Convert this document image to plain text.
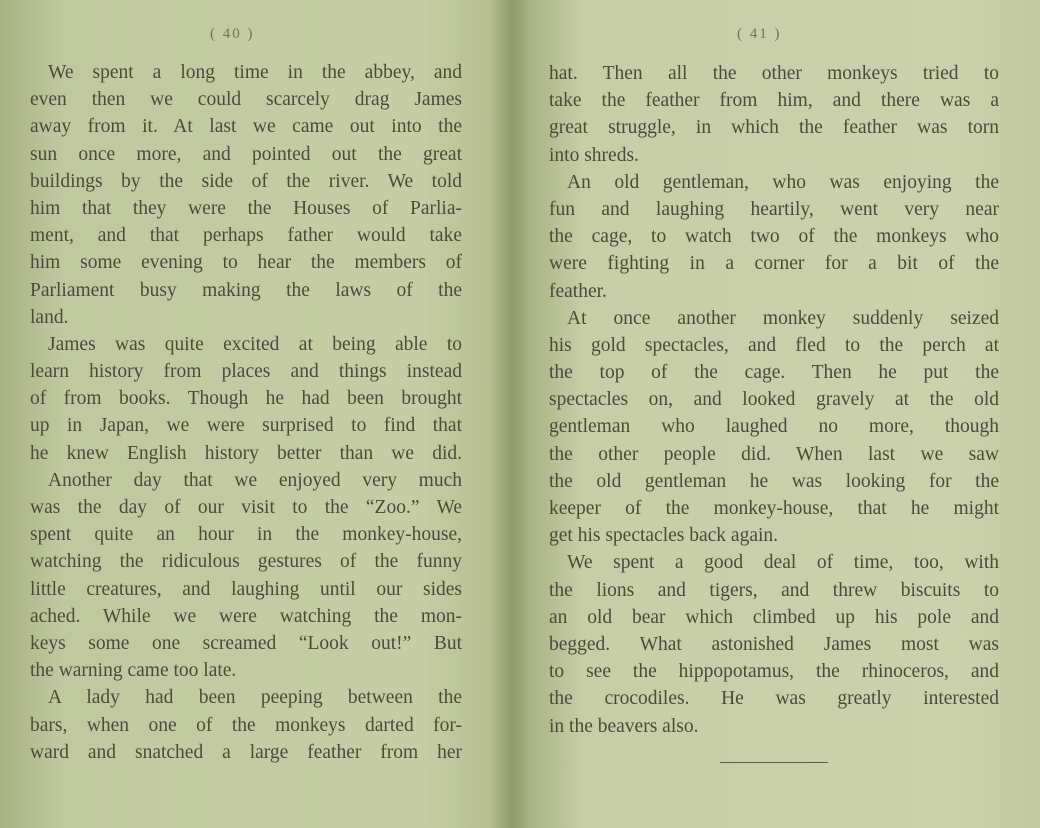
( 40 )
We spent a long time in the abbey, and
even then we could scarcely drag James
away from it. At last we came out into the
sun once more, and pointed out the great
buildings by the side of the river. We told
him that they were the Houses of Parlia-
ment, and that perhaps father would take
him some evening to hear the members of
Parliament busy making the laws of the
land.
James was quite excited at being able to
learn history from places and things instead
of from books. Though he had been brought
up in Japan, we were surprised to find that
he knew English history better than we did.
Another day that we enjoyed very much
was the day of our visit to the “Zoo.” We
spent quite an hour in the monkey-house,
watching the ridiculous gestures of the funny
little creatures, and laughing until our sides
ached. While we were watching the mon-
keys some one screamed “Look out!” But
the warning came too late.
A lady had been peeping between the
bars, when one of the monkeys darted for-
ward and snatched a large feather from her
( 41 )
hat. Then all the other monkeys tried to
take the feather from him, and there was a
great struggle, in which the feather was torn
into shreds.
An old gentleman, who was enjoying the
fun and laughing heartily, went very near
the cage, to watch two of the monkeys who
were fighting in a corner for a bit of the
feather.
At once another monkey suddenly seized
his gold spectacles, and fled to the perch at
the top of the cage. Then he put the
spectacles on, and looked gravely at the old
gentleman who laughed no more, though
the other people did. When last we saw
the old gentleman he was looking for the
keeper of the monkey-house, that he might
get his spectacles back again.
We spent a good deal of time, too, with
the lions and tigers, and threw biscuits to
an old bear which climbed up his pole and
begged. What astonished James most was
to see the hippopotamus, the rhinoceros, and
the crocodiles. He was greatly interested
in the beavers also.
